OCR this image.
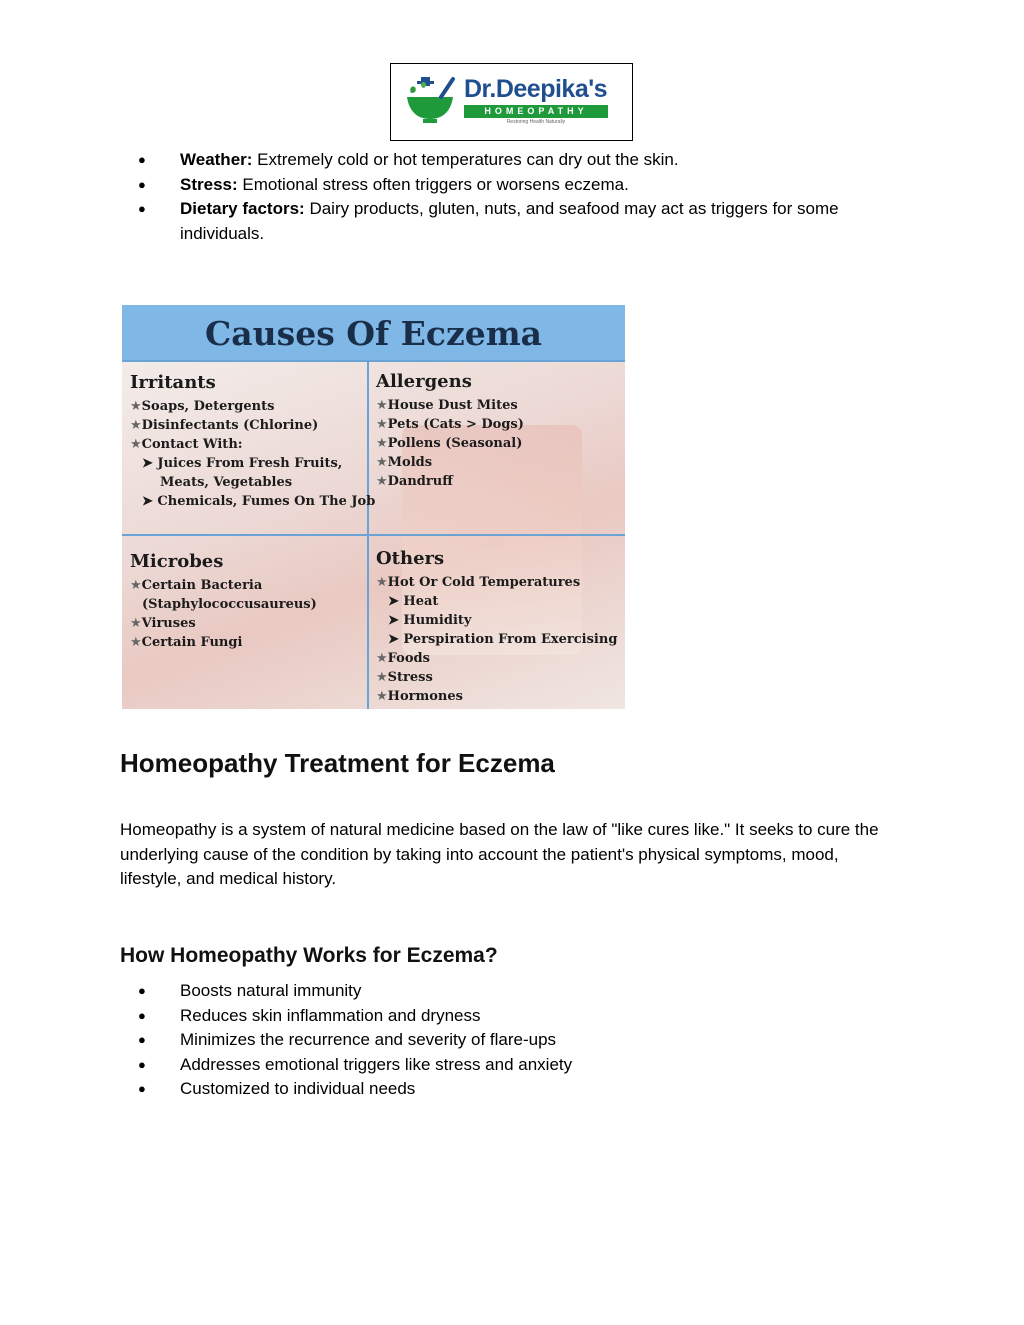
Dr.Deepika's
HOMEOPATHY
Restoring Health Naturally
● Weather: Extremely cold or hot temperatures can dry out the skin.
● Stress: Emotional stress often triggers or worsens eczema.
● Dietary factors: Dairy products, gluten, nuts, and seafood may act as triggers for some individuals.
Causes Of Eczema
Irritants
★Soaps, Detergents
★Disinfectants (Chlorine)
★Contact With:
➤ Juices From Fresh Fruits,
Meats, Vegetables
➤ Chemicals, Fumes On The Job
Allergens
★House Dust Mites
★Pets (Cats > Dogs)
★Pollens (Seasonal)
★Molds
★Dandruff
Microbes
★Certain Bacteria
(Staphylococcusaureus)
★Viruses
★Certain Fungi
Others
★Hot Or Cold Temperatures
➤ Heat
➤ Humidity
➤ Perspiration From Exercising
★Foods
★Stress
★Hormones
Homeopathy Treatment for Eczema

Homeopathy is a system of natural medicine based on the law of "like cures like." It seeks to cure the underlying cause of the condition by taking into account the patient's physical symptoms, mood, lifestyle, and medical history.

How Homeopathy Works for Eczema?
● Boosts natural immunity
● Reduces skin inflammation and dryness
● Minimizes the recurrence and severity of flare-ups
● Addresses emotional triggers like stress and anxiety
● Customized to individual needs
